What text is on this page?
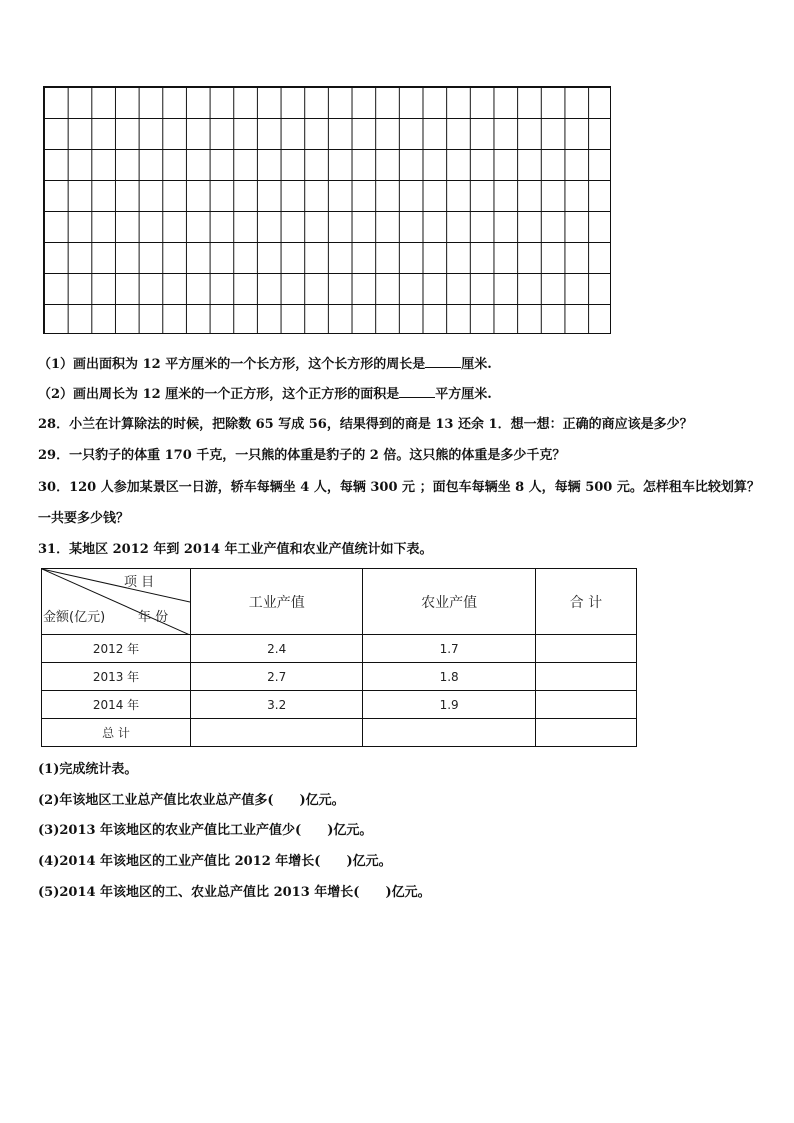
（1）画出面积为 12 平方厘米的一个长方形，这个长方形的周长是	厘米.
（2）画出周长为 12 厘米的一个正方形，这个正方形的面积是	平方厘米.
28．小兰在计算除法的时候，把除数 65 写成 56，结果得到的商是 13 还余 1．想一想：正确的商应该是多少？
29．一只豹子的体重 170 千克，一只熊的体重是豹子的 2 倍。这只熊的体重是多少千克？
30．120 人参加某景区一日游，轿车每辆坐 4 人，每辆 300 元 ；面包车每辆坐 8 人，每辆 500 元。怎样租车比较划算？
一共要多少钱？
31．某地区 2012 年到 2014 年工业产值和农业产值统计如下表。
项 目
金额(亿元) 年 份	工业产值	农业产值	合 计
2012 年	2.4	1.7	
2013 年	2.7	1.8	
2014 年	3.2	1.9	
总 计			
(1)完成统计表。
(2)年该地区工业总产值比农业总产值多(　　)亿元。
(3)2013 年该地区的农业产值比工业产值少(　　)亿元。
(4)2014 年该地区的工业产值比 2012 年增长(　　)亿元。
(5)2014 年该地区的工、农业总产值比 2013 年增长(　　)亿元。
